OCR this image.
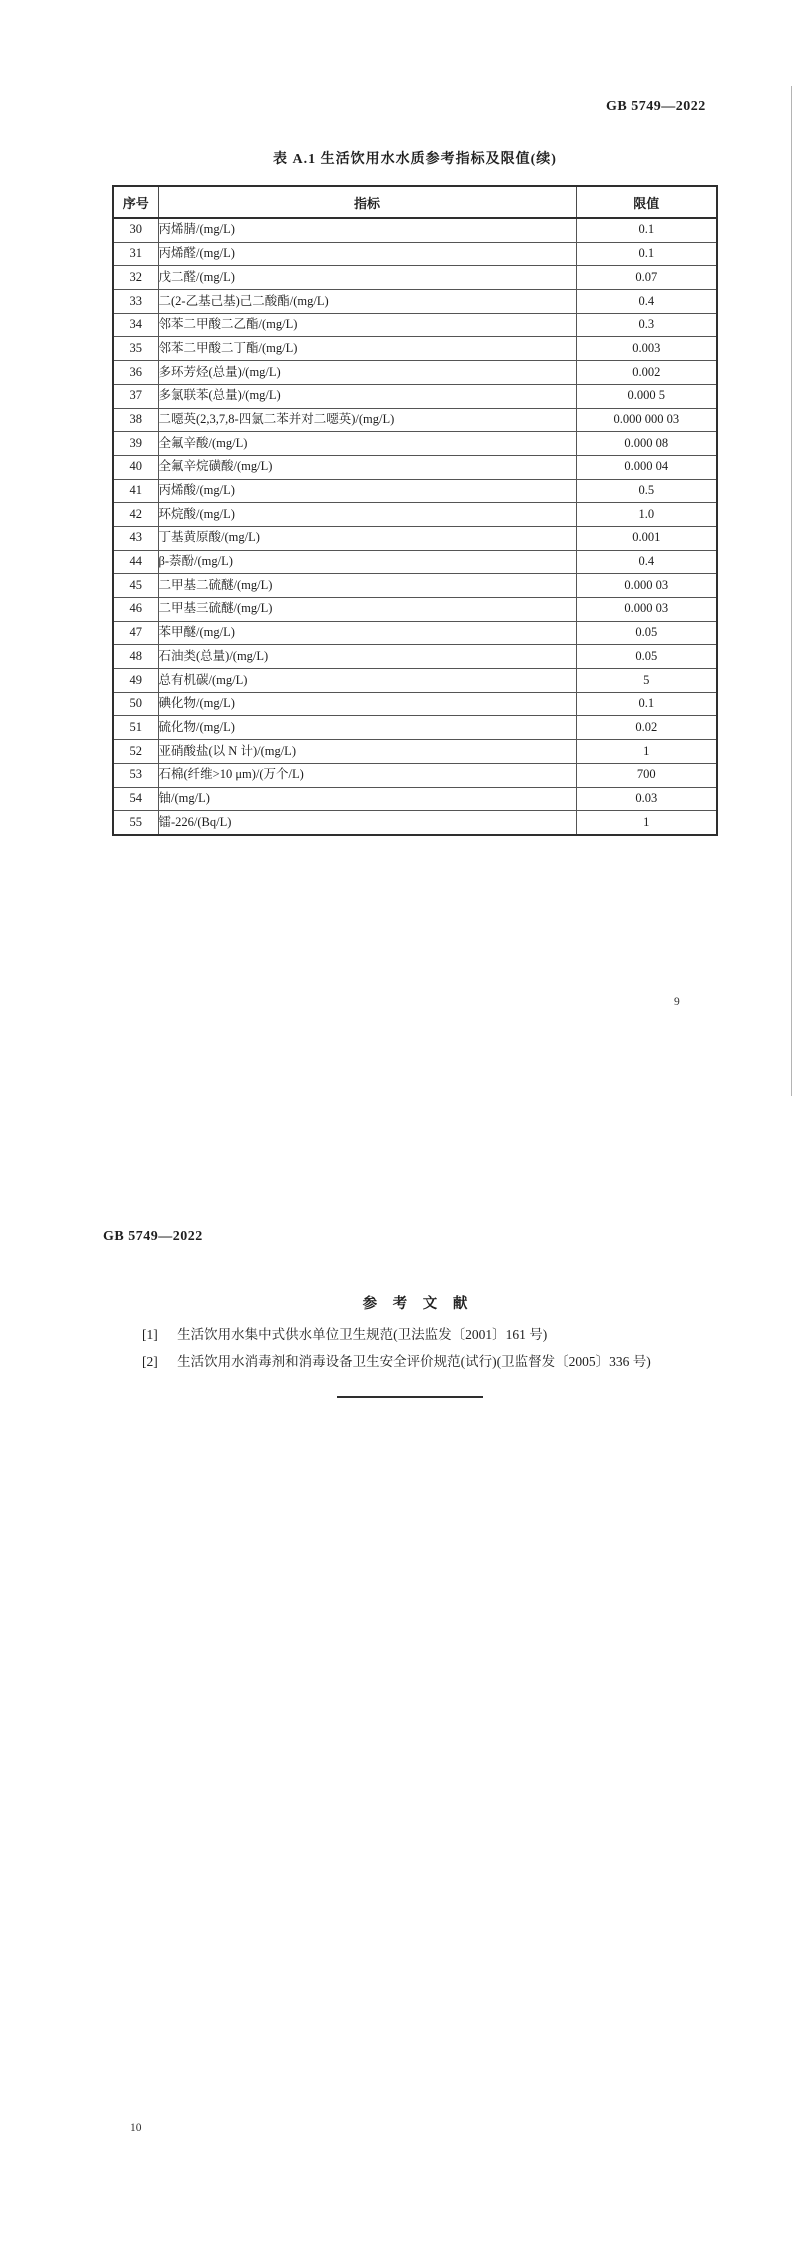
GB 5749—2022
表 A.1 生活饮用水水质参考指标及限值(续)
序号	指标	限值
30	丙烯腈/(mg/L)	0.1
31	丙烯醛/(mg/L)	0.1
32	戊二醛/(mg/L)	0.07
33	二(2-乙基己基)己二酸酯/(mg/L)	0.4
34	邻苯二甲酸二乙酯/(mg/L)	0.3
35	邻苯二甲酸二丁酯/(mg/L)	0.003
36	多环芳烃(总量)/(mg/L)	0.002
37	多氯联苯(总量)/(mg/L)	0.000 5
38	二噁英(2,3,7,8-四氯二苯并对二噁英)/(mg/L)	0.000 000 03
39	全氟辛酸/(mg/L)	0.000 08
40	全氟辛烷磺酸/(mg/L)	0.000 04
41	丙烯酸/(mg/L)	0.5
42	环烷酸/(mg/L)	1.0
43	丁基黄原酸/(mg/L)	0.001
44	β-萘酚/(mg/L)	0.4
45	二甲基二硫醚/(mg/L)	0.000 03
46	二甲基三硫醚/(mg/L)	0.000 03
47	苯甲醚/(mg/L)	0.05
48	石油类(总量)/(mg/L)	0.05
49	总有机碳/(mg/L)	5
50	碘化物/(mg/L)	0.1
51	硫化物/(mg/L)	0.02
52	亚硝酸盐(以 N 计)/(mg/L)	1
53	石棉(纤维>10 μm)/(万个/L)	700
54	铀/(mg/L)	0.03
55	镭-226/(Bq/L)	1
9
GB 5749—2022
参 考 文 献
[1] 生活饮用水集中式供水单位卫生规范(卫法监发〔2001〕161 号)
[2] 生活饮用水消毒剂和消毒设备卫生安全评价规范(试行)(卫监督发〔2005〕336 号)
10
